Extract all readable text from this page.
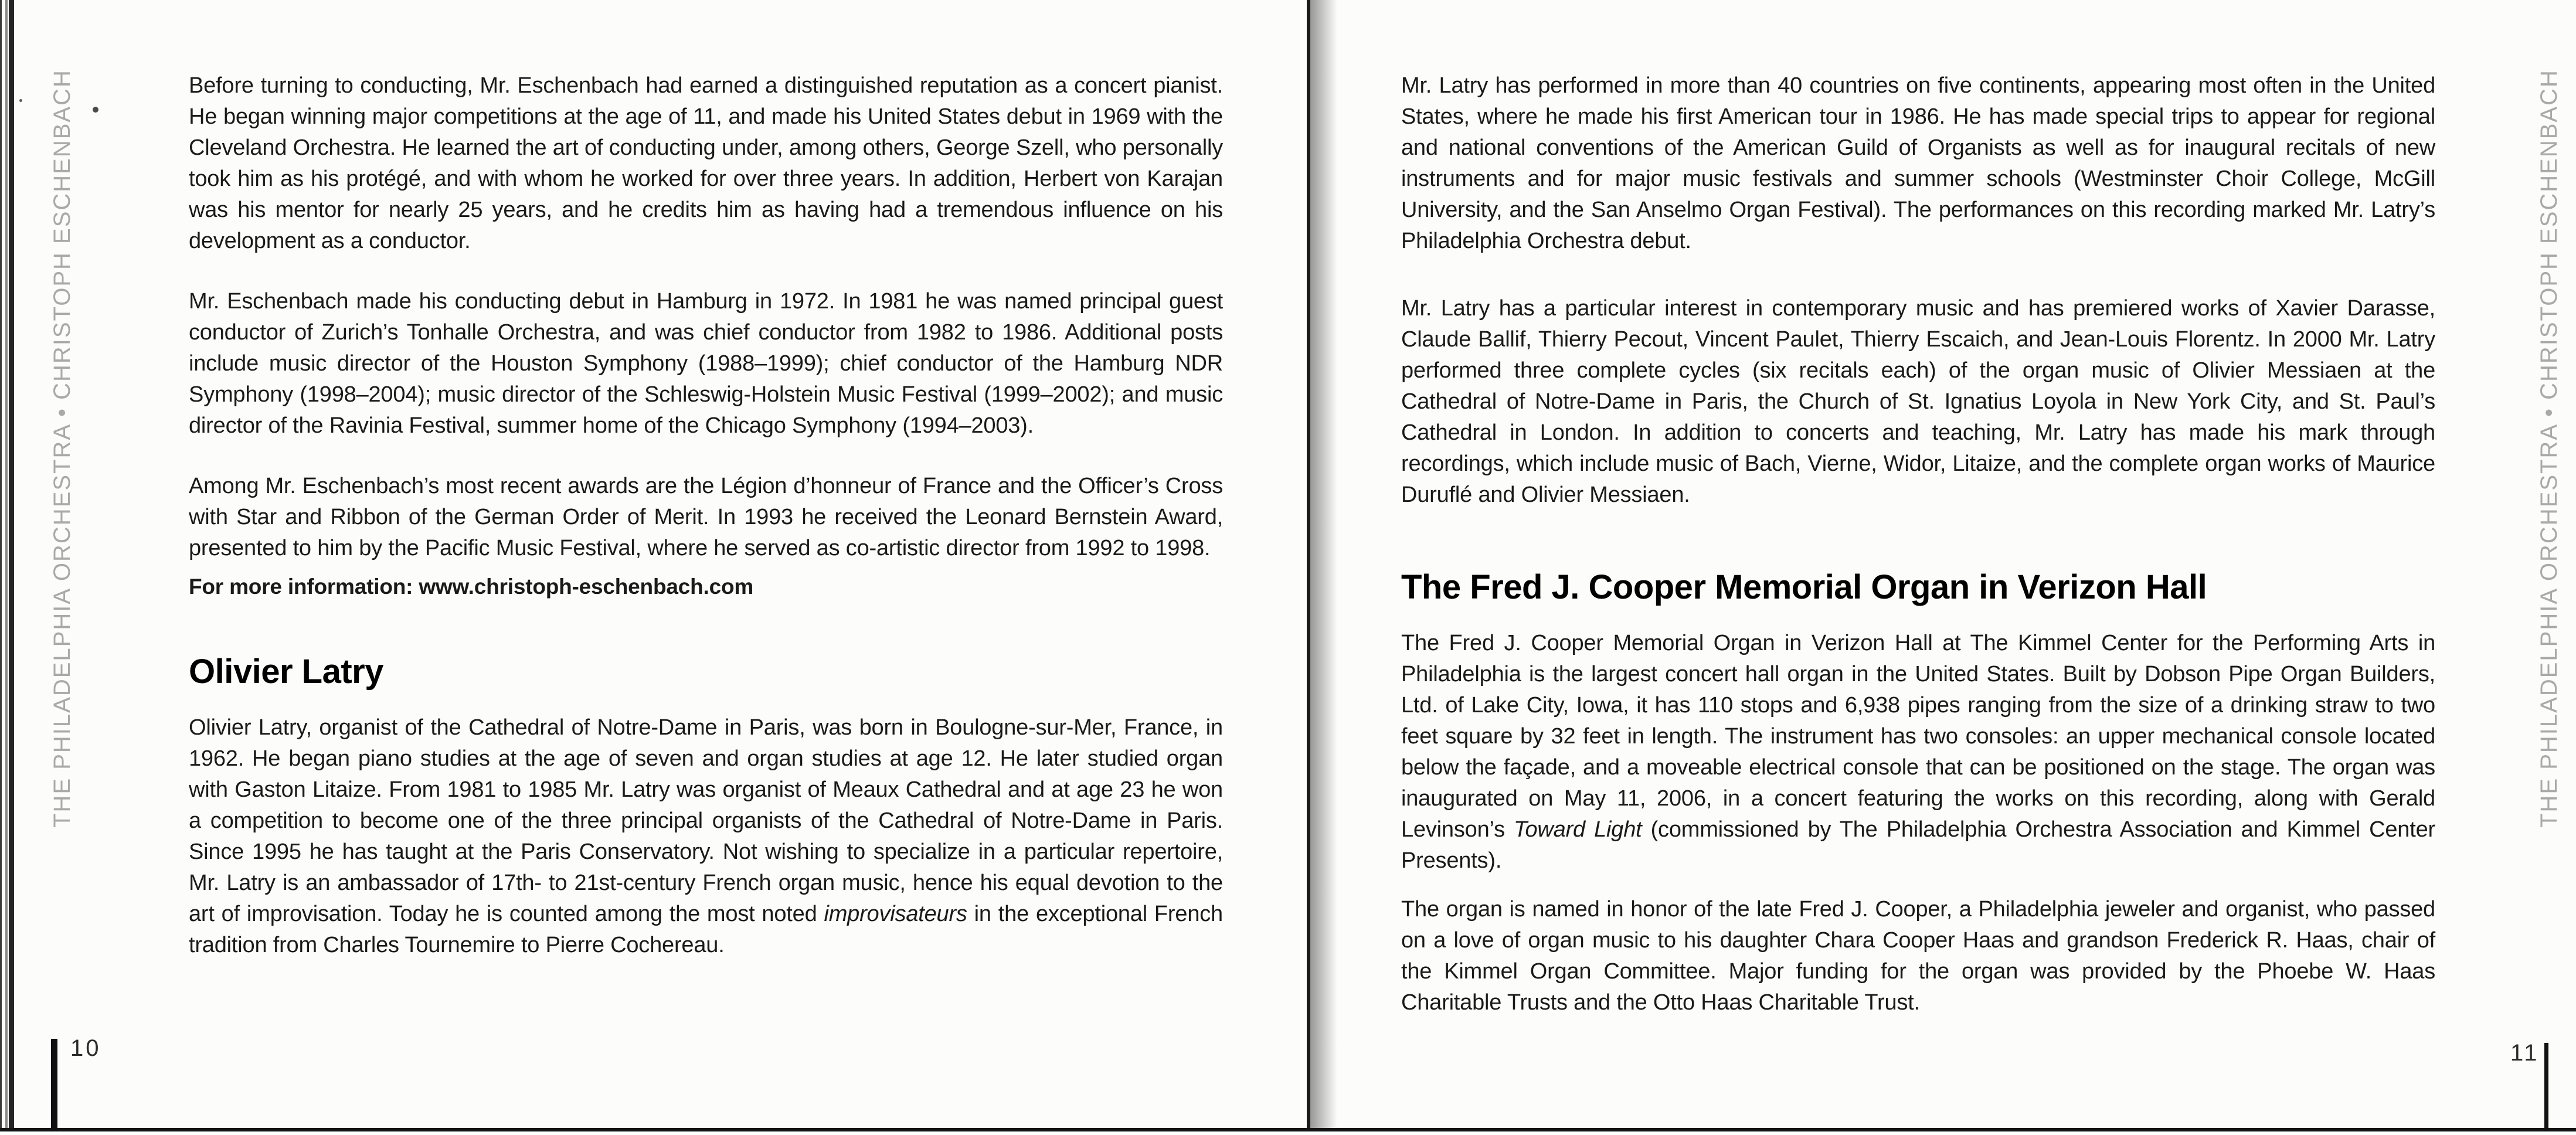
THE PHILADELPHIA ORCHESTRA • CHRISTOPH ESCHENBACH	THE PHILADELPHIA ORCHESTRA • CHRISTOPH ESCHENBACH
10	11

Before turning to conducting, Mr. Eschenbach had earned a distinguished reputation as a concert pianist. He began winning major competitions at the age of 11, and made his United States debut in 1969 with the Cleveland Orchestra. He learned the art of conducting under, among others, George Szell, who personally took him as his protégé, and with whom he worked for over three years. In addition, Herbert von Karajan was his mentor for nearly 25 years, and he credits him as having had a tremendous influence on his development as a conductor.

Mr. Eschenbach made his conducting debut in Hamburg in 1972. In 1981 he was named principal guest conductor of Zurich’s Tonhalle Orchestra, and was chief conductor from 1982 to 1986. Additional posts include music director of the Houston Symphony (1988–1999); chief conductor of the Hamburg NDR Symphony (1998–2004); music director of the Schleswig-Holstein Music Festival (1999–2002); and music director of the Ravinia Festival, summer home of the Chicago Symphony (1994–2003).

Among Mr. Eschenbach’s most recent awards are the Légion d’honneur of France and the Officer’s Cross with Star and Ribbon of the German Order of Merit. In 1993 he received the Leonard Bernstein Award, presented to him by the Pacific Music Festival, where he served as co-artistic director from 1992 to 1998.

For more information: www.christoph-eschenbach.com

Olivier Latry

Olivier Latry, organist of the Cathedral of Notre-Dame in Paris, was born in Boulogne-sur-Mer, France, in 1962. He began piano studies at the age of seven and organ studies at age 12. He later studied organ with Gaston Litaize. From 1981 to 1985 Mr. Latry was organist of Meaux Cathedral and at age 23 he won a competition to become one of the three principal organists of the Cathedral of Notre-Dame in Paris. Since 1995 he has taught at the Paris Conservatory. Not wishing to specialize in a particular repertoire, Mr. Latry is an ambassador of 17th- to 21st-century French organ music, hence his equal devotion to the art of improvisation. Today he is counted among the most noted improvisateurs in the exceptional French tradition from Charles Tournemire to Pierre Cochereau.

Mr. Latry has performed in more than 40 countries on five continents, appearing most often in the United States, where he made his first American tour in 1986. He has made special trips to appear for regional and national conventions of the American Guild of Organists as well as for inaugural recitals of new instruments and for major music festivals and summer schools (Westminster Choir College, McGill University, and the San Anselmo Organ Festival). The performances on this recording marked Mr. Latry’s Philadelphia Orchestra debut.

Mr. Latry has a particular interest in contemporary music and has premiered works of Xavier Darasse, Claude Ballif, Thierry Pecout, Vincent Paulet, Thierry Escaich, and Jean-Louis Florentz. In 2000 Mr. Latry performed three complete cycles (six recitals each) of the organ music of Olivier Messiaen at the Cathedral of Notre-Dame in Paris, the Church of St. Ignatius Loyola in New York City, and St. Paul’s Cathedral in London. In addition to concerts and teaching, Mr. Latry has made his mark through recordings, which include music of Bach, Vierne, Widor, Litaize, and the complete organ works of Maurice Duruflé and Olivier Messiaen.

The Fred J. Cooper Memorial Organ in Verizon Hall

The Fred J. Cooper Memorial Organ in Verizon Hall at The Kimmel Center for the Performing Arts in Philadelphia is the largest concert hall organ in the United States. Built by Dobson Pipe Organ Builders, Ltd. of Lake City, Iowa, it has 110 stops and 6,938 pipes ranging from the size of a drinking straw to two feet square by 32 feet in length. The instrument has two consoles: an upper mechanical console located below the façade, and a moveable electrical console that can be positioned on the stage. The organ was inaugurated on May 11, 2006, in a concert featuring the works on this recording, along with Gerald Levinson’s Toward Light (commissioned by The Philadelphia Orchestra Association and Kimmel Center Presents).

The organ is named in honor of the late Fred J. Cooper, a Philadelphia jeweler and organist, who passed on a love of organ music to his daughter Chara Cooper Haas and grandson Frederick R. Haas, chair of the Kimmel Organ Committee. Major funding for the organ was provided by the Phoebe W. Haas Charitable Trusts and the Otto Haas Charitable Trust.
